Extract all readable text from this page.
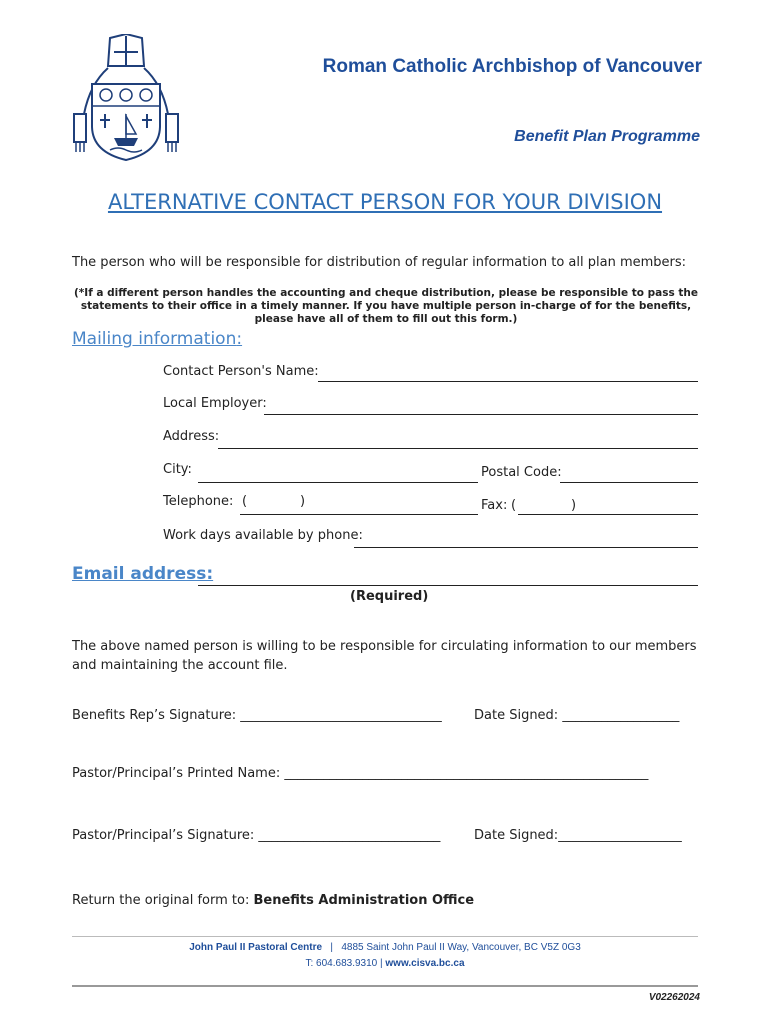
Roman Catholic Archbishop of Vancouver
Benefit Plan Programme
ALTERNATIVE CONTACT PERSON FOR YOUR DIVISION
The person who will be responsible for distribution of regular information to all plan members:
(*If a different person handles the accounting and cheque distribution, please be responsible to pass the statements to their office in a timely manner. If you have multiple person in-charge of for the benefits, please have all of them to fill out this form.)
Mailing information:
Contact Person's Name:
Local Employer:
Address:
City:	Postal Code:
Telephone: (	)	Fax: (	)
Work days available by phone:
Email address:
(Required)
The above named person is willing to be responsible for circulating information to our members and maintaining the account file.
Benefits Rep’s Signature: _______________________________ Date Signed: __________________
Pastor/Principal’s Printed Name: ________________________________________________________
Pastor/Principal’s Signature: ____________________________	Date Signed:___________________
Return the original form to: Benefits Administration Office
John Paul II Pastoral Centre | 4885 Saint John Paul II Way, Vancouver, BC V5Z 0G3
T: 604.683.9310 | www.cisva.bc.ca
V02262024
